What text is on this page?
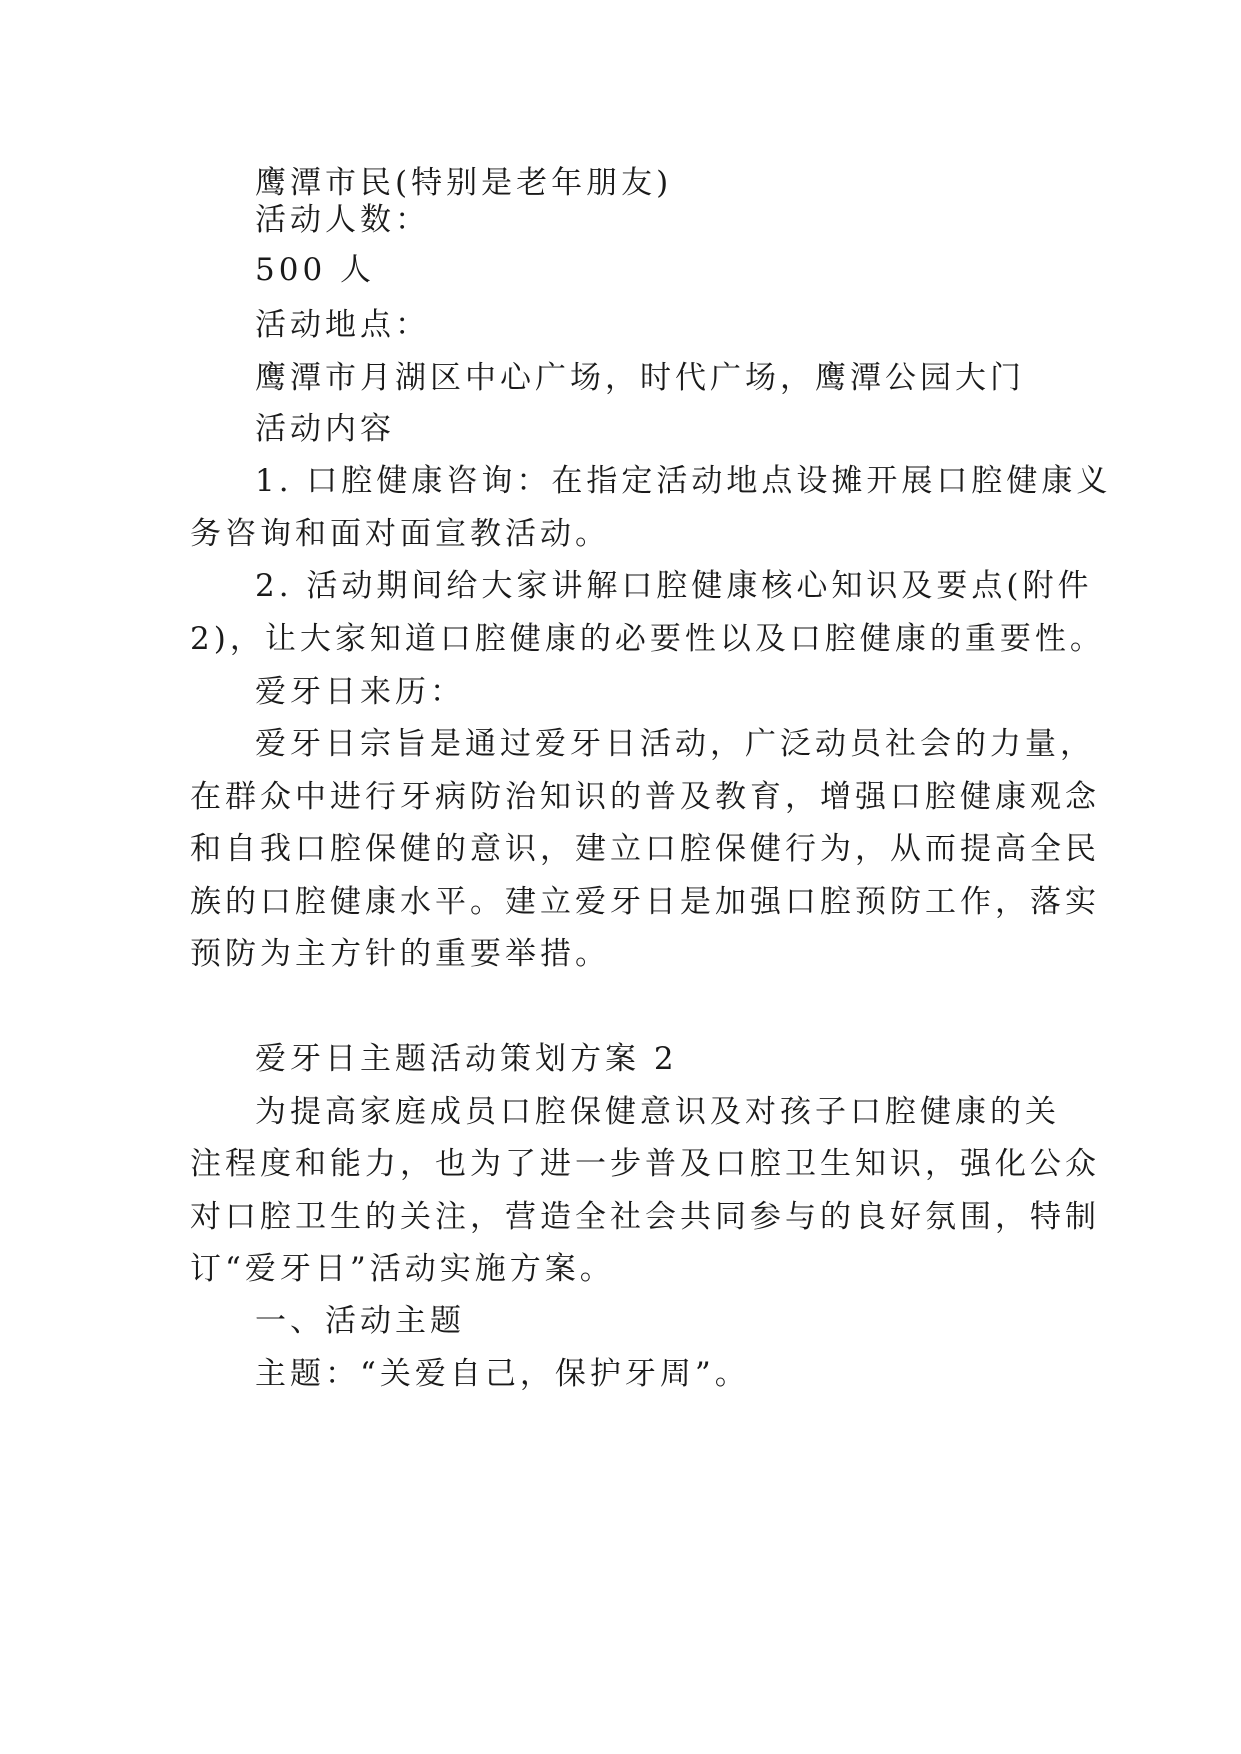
鹰潭市民(特别是老年朋友)
活动人数：
500 人
活动地点：
鹰潭市月湖区中心广场，时代广场，鹰潭公园大门
活动内容
1. 口腔健康咨询：在指定活动地点设摊开展口腔健康义
务咨询和面对面宣教活动。
2. 活动期间给大家讲解口腔健康核心知识及要点(附件
2)，让大家知道口腔健康的必要性以及口腔健康的重要性。
爱牙日来历：
爱牙日宗旨是通过爱牙日活动，广泛动员社会的力量，
在群众中进行牙病防治知识的普及教育，增强口腔健康观念
和自我口腔保健的意识，建立口腔保健行为，从而提高全民
族的口腔健康水平。建立爱牙日是加强口腔预防工作，落实
预防为主方针的重要举措。
爱牙日主题活动策划方案 2
为提高家庭成员口腔保健意识及对孩子口腔健康的关
注程度和能力，也为了进一步普及口腔卫生知识，强化公众
对口腔卫生的关注，营造全社会共同参与的良好氛围，特制
订“爱牙日”活动实施方案。
一、活动主题
主题：“关爱自己，保护牙周”。
